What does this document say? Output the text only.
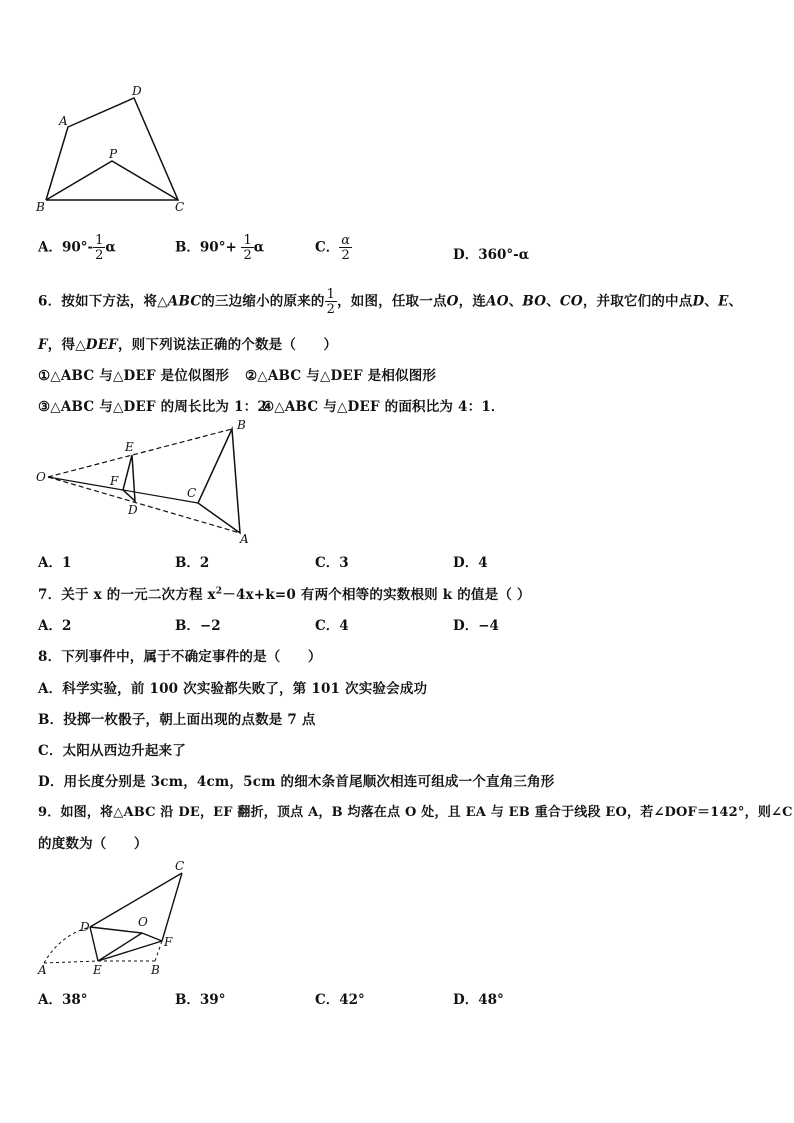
A
D
P
B	C
A．$90^\circ- \frac{1}{2}$ α	B．$90^\circ+ \frac{1}{2}$ α	C． $\frac{\alpha}{2}$	D．360°-α
6．按如下方法，将△ABC的三边缩小的原来的 $\frac{1}{2}$ ，如图，任取一点O，连AO、BO、CO，并取它们的中点D、E、
F，得△DEF，则下列说法正确的个数是（　　）
①△ABC 与△DEF 是位似图形 ②△ABC 与△DEF 是相似图形
③△ABC 与△DEF 的周长比为 1：2
④△ABC 与△DEF 的面积比为 4：1．
O
E
F
D
B
C
A
A．1	B．2	C．3	D．4
7．关于 x 的一元二次方程 $x^2-4x+k=0$ 有两个相等的实数根则 k 的值是（ ）
A．2	B．−2	C．4	D．−4
8．下列事件中，属于不确定事件的是（　　）
A．科学实验，前 100 次实验都失败了，第 101 次实验会成功
B．投掷一枚骰子，朝上面出现的点数是 7 点
C．太阳从西边升起来了
D．用长度分别是 3cm，4cm，5cm 的细木条首尾顺次相连可组成一个直角三角形
9．如图，将△ABC 沿 DE，EF 翻折，顶点 A，B 均落在点 O 处，且 EA 与 EB 重合于线段 EO，若∠DOF＝142°，则∠C
的度数为（　　）
C
D	O
F
A	E	B
A．38°	B．39°	C．42°	D．48°
